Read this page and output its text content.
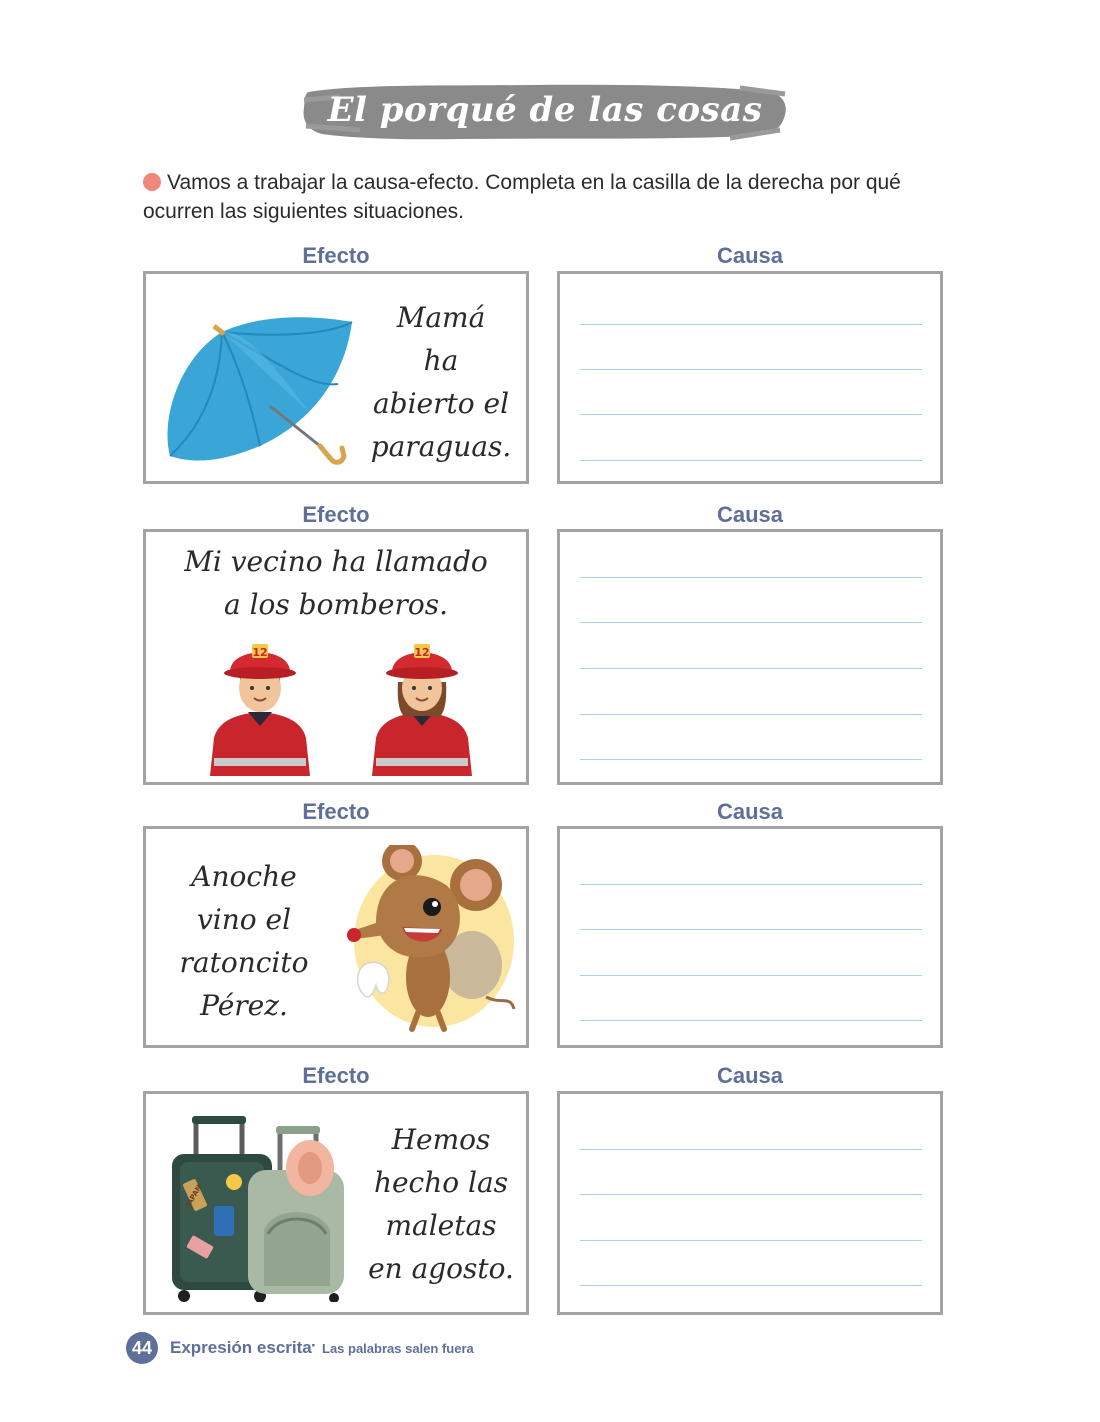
El porqué de las cosas
Vamos a trabajar la causa-efecto. Completa en la casilla de la derecha por qué ocurren las siguientes situaciones.
Efecto	Causa
Mamá
ha
abierto el
paraguas.
Efecto	Causa
Mi vecino ha llamado
a los bomberos.
12	12
Efecto	Causa
Anoche
vino el
ratoncito
Pérez.
Efecto	Causa
JAPAN
Hemos
hecho las
maletas
en agosto.
44	Expresión escrita · Las palabras salen fuera
